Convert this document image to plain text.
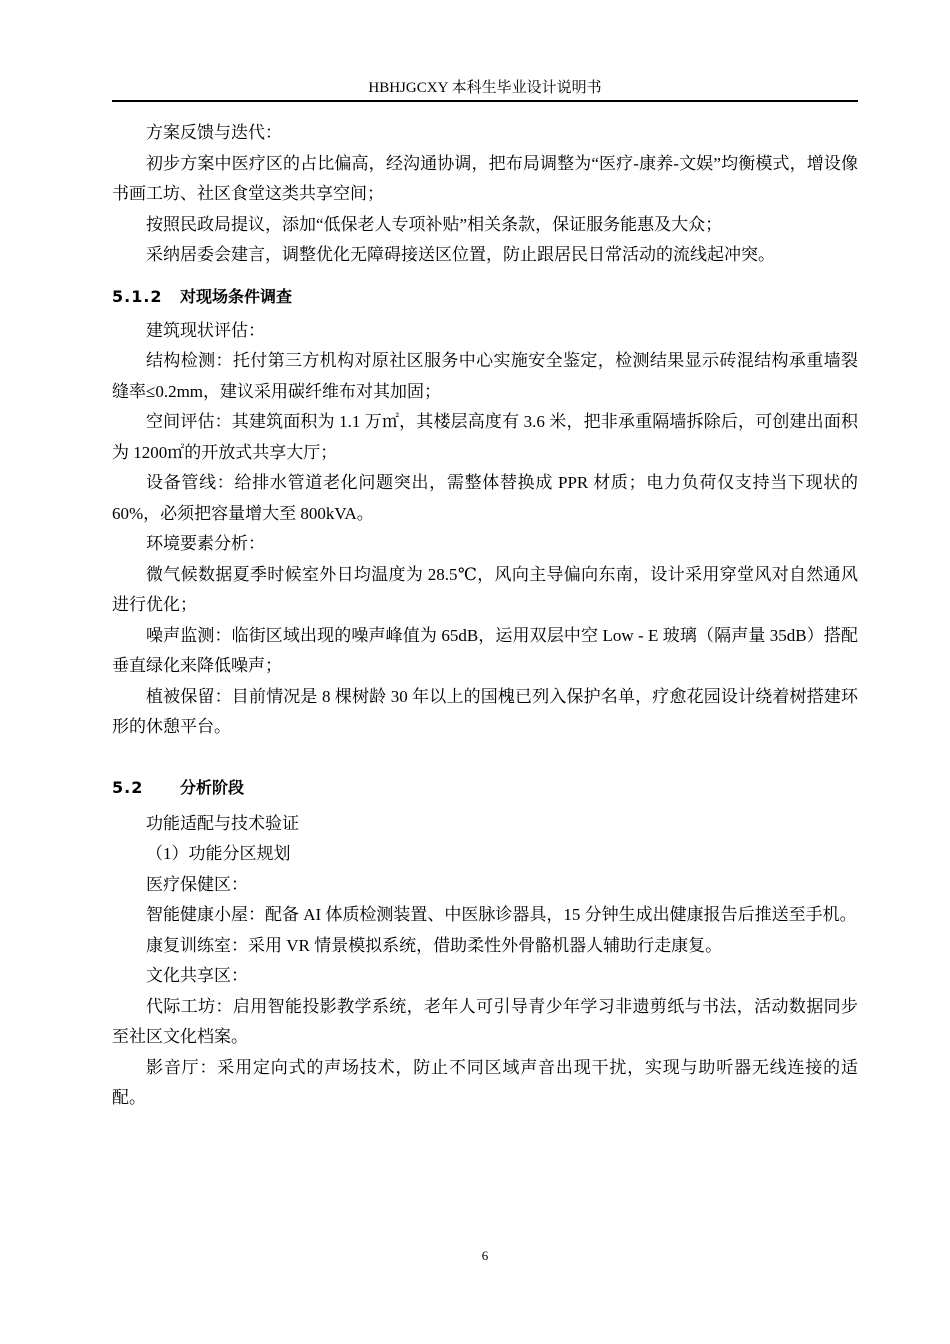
HBHJGCXY 本科生毕业设计说明书

方案反馈与迭代：

初步方案中医疗区的占比偏高，经沟通协调，把布局调整为“医疗-康养-文娱”均衡模式，增设像书画工坊、社区食堂这类共享空间；

按照民政局提议，添加“低保老人专项补贴”相关条款，保证服务能惠及大众；

采纳居委会建言，调整优化无障碍接送区位置，防止跟居民日常活动的流线起冲突。

5.1.2 对现场条件调查

建筑现状评估：

结构检测：托付第三方机构对原社区服务中心实施安全鉴定，检测结果显示砖混结构承重墙裂缝率≤0.2mm，建议采用碳纤维布对其加固；

空间评估：其建筑面积为 1.1 万㎡，其楼层高度有 3.6 米，把非承重隔墙拆除后，可创建出面积为 1200㎡的开放式共享大厅；

设备管线：给排水管道老化问题突出，需整体替换成 PPR 材质；电力负荷仅支持当下现状的 60%，必须把容量增大至 800kVA。

环境要素分析：

微气候数据夏季时候室外日均温度为 28.5℃，风向主导偏向东南，设计采用穿堂风对自然通风进行优化；

噪声监测：临街区域出现的噪声峰值为 65dB，运用双层中空 Low - E 玻璃（隔声量 35dB）搭配垂直绿化来降低噪声；

植被保留：目前情况是 8 棵树龄 30 年以上的国槐已列入保护名单，疗愈花园设计绕着树搭建环形的休憩平台。

5.2 分析阶段

功能适配与技术验证

（1）功能分区规划

医疗保健区：

智能健康小屋：配备 AI 体质检测装置、中医脉诊器具，15 分钟生成出健康报告后推送至手机。

康复训练室：采用 VR 情景模拟系统，借助柔性外骨骼机器人辅助行走康复。

文化共享区：

代际工坊：启用智能投影教学系统，老年人可引导青少年学习非遗剪纸与书法，活动数据同步至社区文化档案。

影音厅：采用定向式的声场技术，防止不同区域声音出现干扰，实现与助听器无线连接的适配。

6
